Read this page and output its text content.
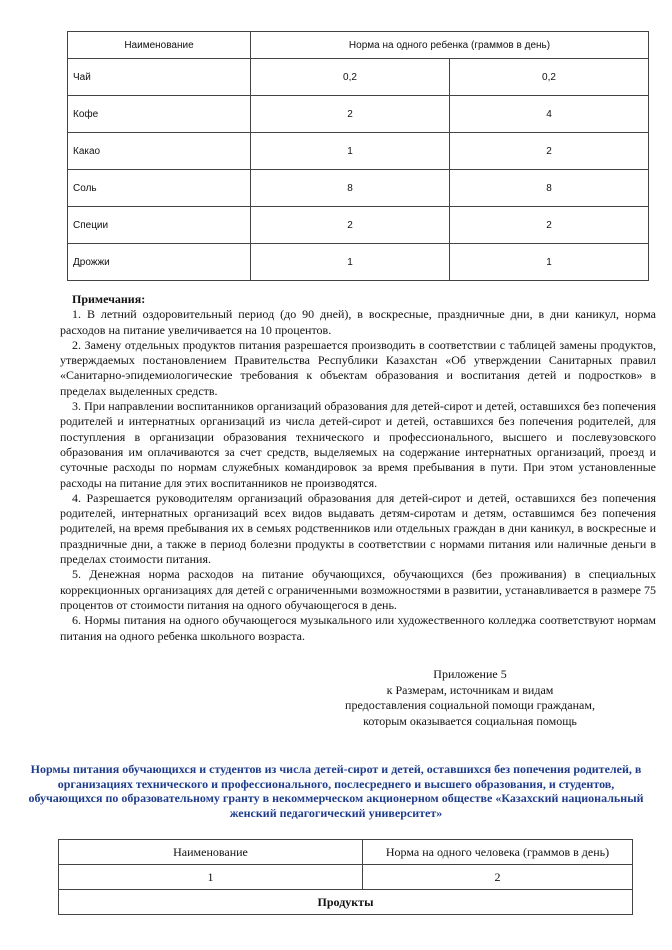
Наименование	Норма на одного ребенка (граммов в день)	
Чай	0,2	0,2
Кофе	2	4
Какао	1	2
Соль	8	8
Специи	2	2
Дрожжи	1	1
Примечания:

1. В летний оздоровительный период (до 90 дней), в воскресные, праздничные дни, в дни каникул, норма расходов на питание увеличивается на 10 процентов.

2. Замену отдельных продуктов питания разрешается производить в соответствии с таблицей замены продуктов, утверждаемых постановлением Правительства Республики Казахстан «Об утверждении Санитарных правил «Санитарно-эпидемиологические требования к объектам образования и воспитания детей и подростков» в пределах выделенных средств.

3. При направлении воспитанников организаций образования для детей-сирот и детей, оставшихся без попечения родителей и интернатных организаций из числа детей-сирот и детей, оставшихся без попечения родителей, для поступления в организации образования технического и профессионального, высшего и послевузовского образования им оплачиваются за счет средств, выделяемых на содержание интернатных организаций, проезд и суточные расходы по нормам служебных командировок за время пребывания в пути. При этом установленные расходы на питание для этих воспитанников не производятся.

4. Разрешается руководителям организаций образования для детей-сирот и детей, оставшихся без попечения родителей, интернатных организаций всех видов выдавать детям-сиротам и детям, оставшимся без попечения родителей, на время пребывания их в семьях родственников или отдельных граждан в дни каникул, в воскресные и праздничные дни, а также в период болезни продукты в соответствии с нормами питания или наличные деньги в пределах стоимости питания.

5. Денежная норма расходов на питание обучающихся, обучающихся (без проживания) в специальных коррекционных организациях для детей с ограниченными возможностями в развитии, устанавливается в размере 75 процентов от стоимости питания на одного обучающегося в день.

6. Нормы питания на одного обучающегося музыкального или художественного колледжа соответствуют нормам питания на одного ребенка школьного возраста.

Приложение 5
к Размерам, источникам и видам
предоставления социальной помощи гражданам,
которым оказывается социальная помощь
Нормы питания обучающихся и студентов из числа детей-сирот и детей, оставшихся без попечения родителей, в организациях технического и профессионального, послесреднего и высшего образования, и студентов, обучающихся по образовательному гранту в некоммерческом акционерном обществе «Казахский национальный женский педагогический университет»
Наименование	Норма на одного человека (граммов в день)
1	2
Продукты	
